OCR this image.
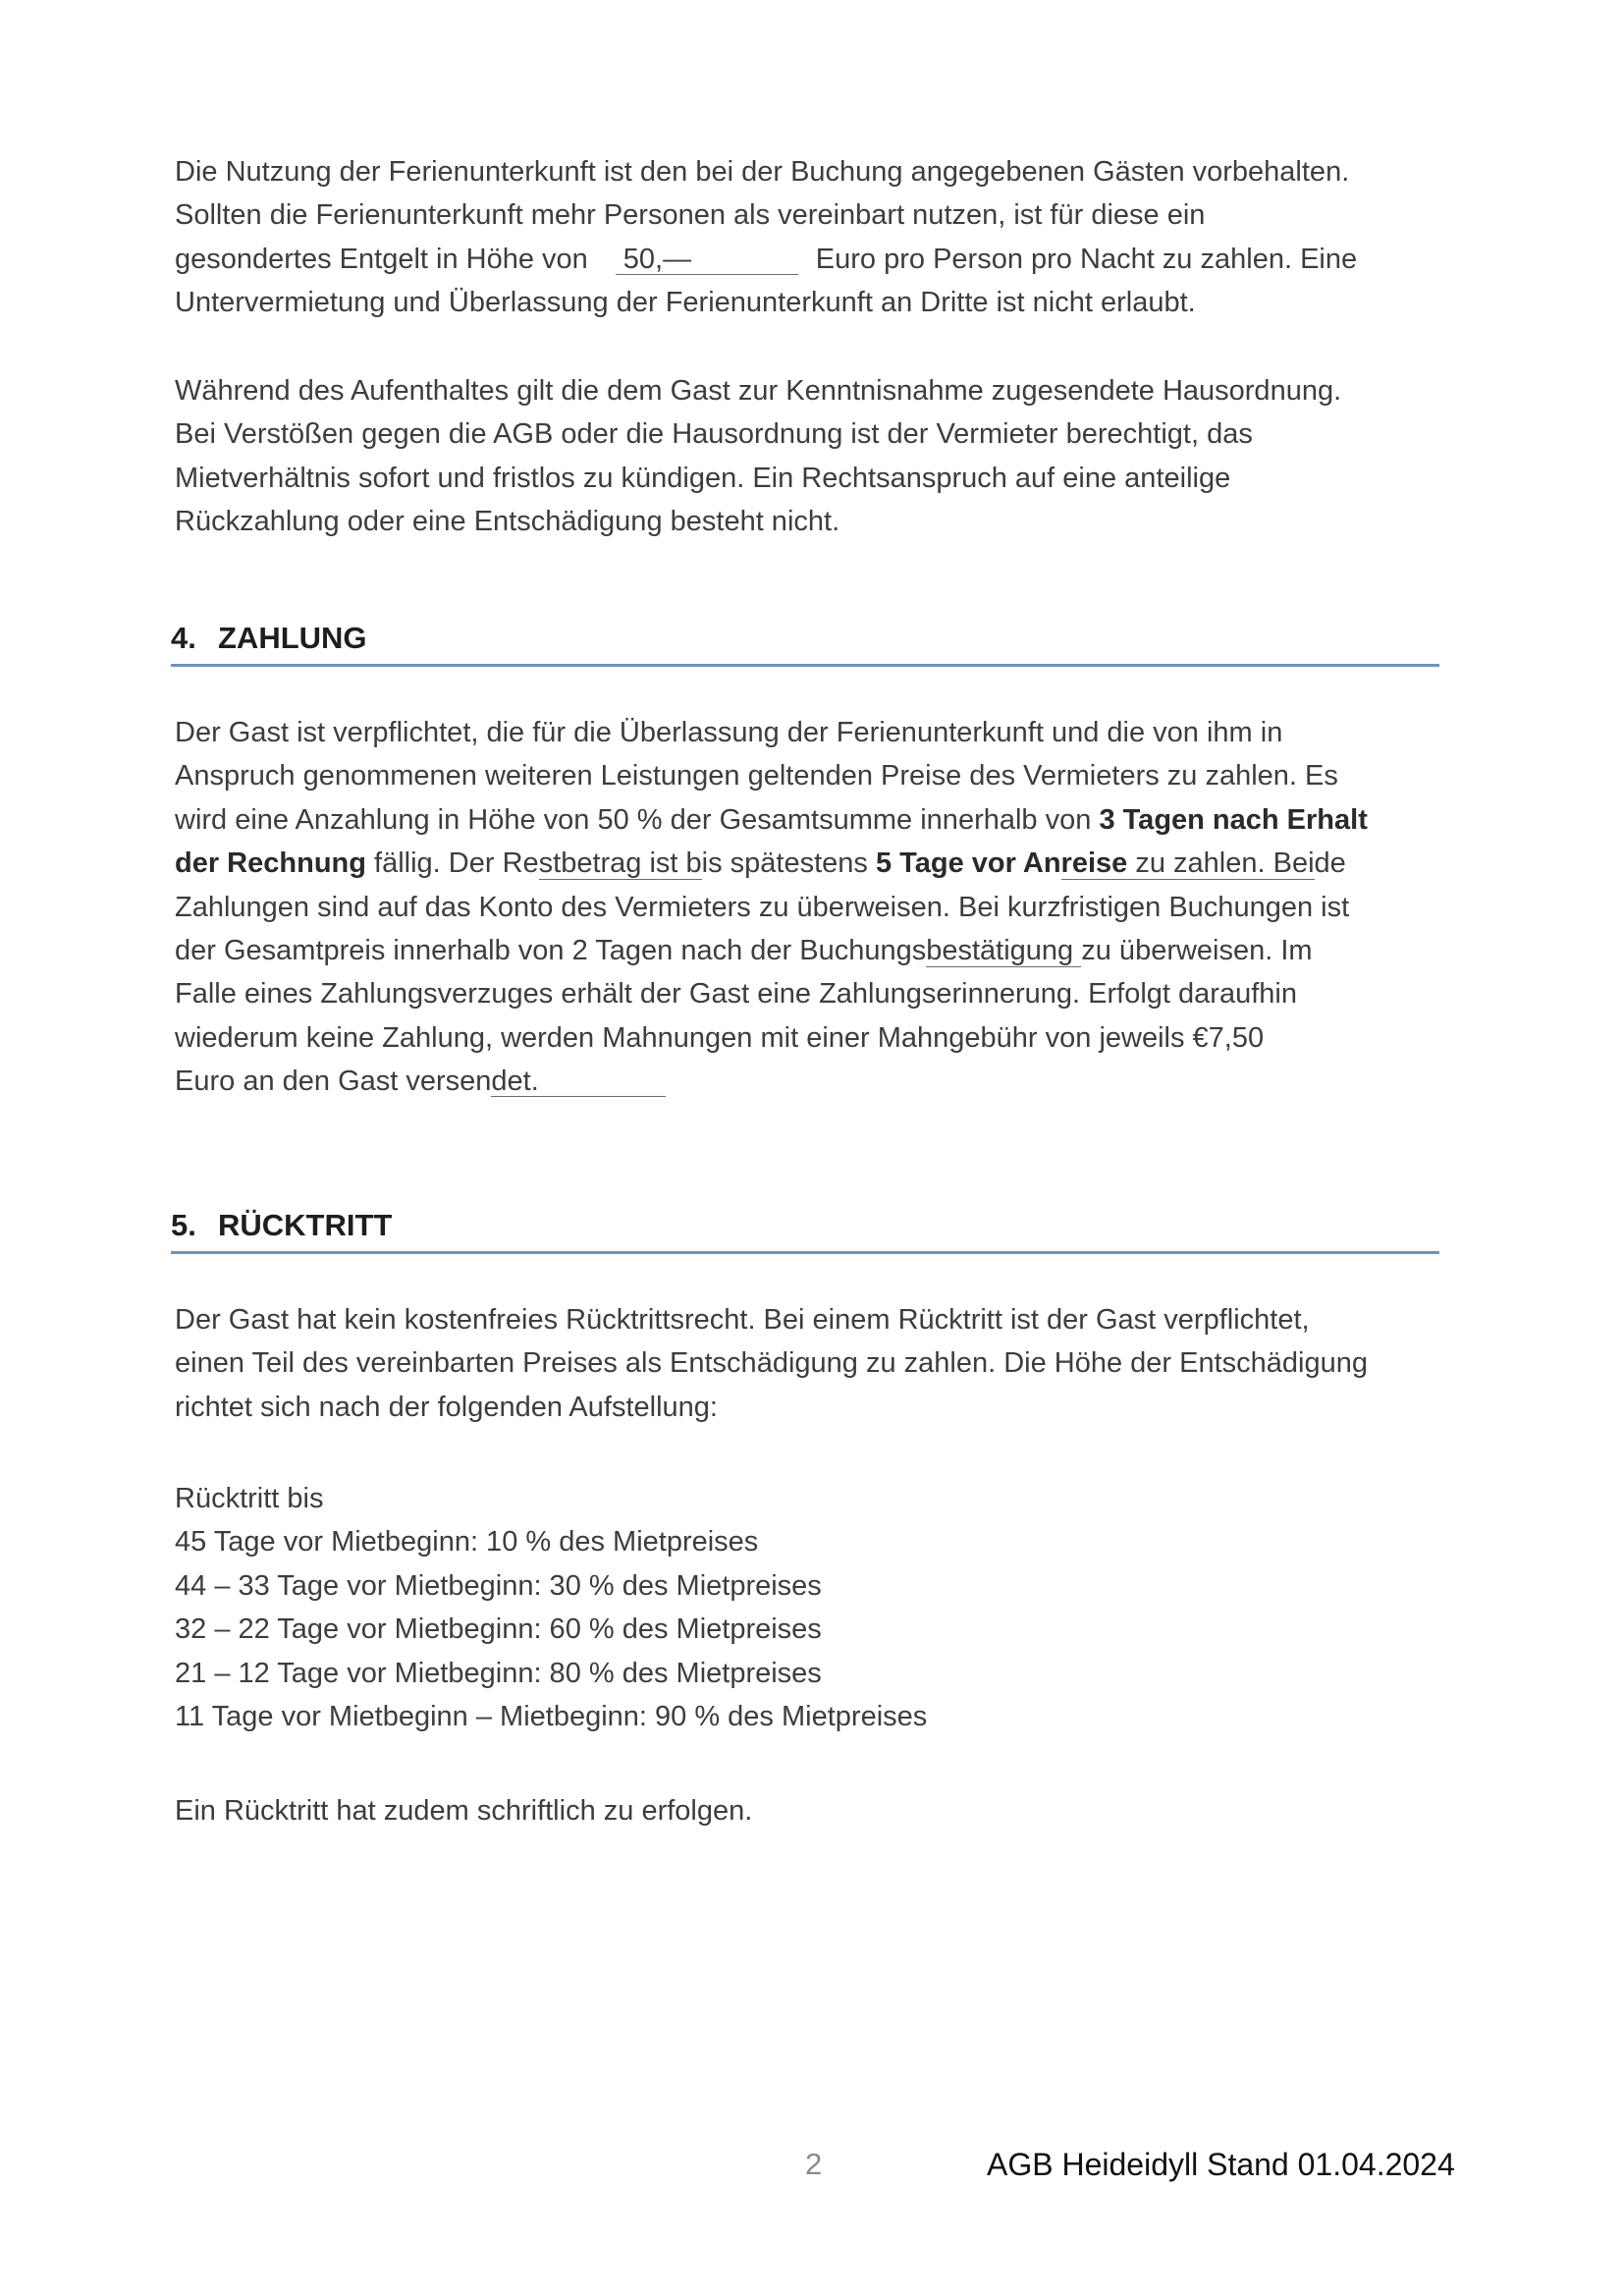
Die Nutzung der Ferienunterkunft ist den bei der Buchung angegebenen Gästen vorbehalten.
Sollten die Ferienunterkunft mehr Personen als vereinbart nutzen, ist für diese ein
gesondertes Entgelt in Höhe von 50,—	Euro pro Person pro Nacht zu zahlen. Eine
Untervermietung und Überlassung der Ferienunterkunft an Dritte ist nicht erlaubt.
Während des Aufenthaltes gilt die dem Gast zur Kenntnisnahme zugesendete Hausordnung.
Bei Verstößen gegen die AGB oder die Hausordnung ist der Vermieter berechtigt, das
Mietverhältnis sofort und fristlos zu kündigen. Ein Rechtsanspruch auf eine anteilige
Rückzahlung oder eine Entschädigung besteht nicht.
4. ZAHLUNG
Der Gast ist verpflichtet, die für die Überlassung der Ferienunterkunft und die von ihm in
Anspruch genommenen weiteren Leistungen geltenden Preise des Vermieters zu zahlen. Es
wird eine Anzahlung in Höhe von 50 % der Gesamtsumme innerhalb von 3 Tagen nach Erhalt
der Rechnung fällig. Der Restbetrag ist bis spätestens 5 Tage vor Anreise zu zahlen. Beide
Zahlungen sind auf das Konto des Vermieters zu überweisen. Bei kurzfristigen Buchungen ist
der Gesamtpreis innerhalb von 2 Tagen nach der Buchungsbestätigung zu überweisen. Im
Falle eines Zahlungsverzuges erhält der Gast eine Zahlungserinnerung. Erfolgt daraufhin
wiederum keine Zahlung, werden Mahnungen mit einer Mahngebühr von jeweils €7,50
Euro an den Gast versendet.
5. RÜCKTRITT
Der Gast hat kein kostenfreies Rücktrittsrecht. Bei einem Rücktritt ist der Gast verpflichtet,
einen Teil des vereinbarten Preises als Entschädigung zu zahlen. Die Höhe der Entschädigung
richtet sich nach der folgenden Aufstellung:
Rücktritt bis
45 Tage vor Mietbeginn: 10 % des Mietpreises
44 – 33 Tage vor Mietbeginn: 30 % des Mietpreises
32 – 22 Tage vor Mietbeginn: 60 % des Mietpreises
21 – 12 Tage vor Mietbeginn: 80 % des Mietpreises
11 Tage vor Mietbeginn – Mietbeginn: 90 % des Mietpreises
Ein Rücktritt hat zudem schriftlich zu erfolgen.
2	AGB Heideidyll Stand 01.04.2024
